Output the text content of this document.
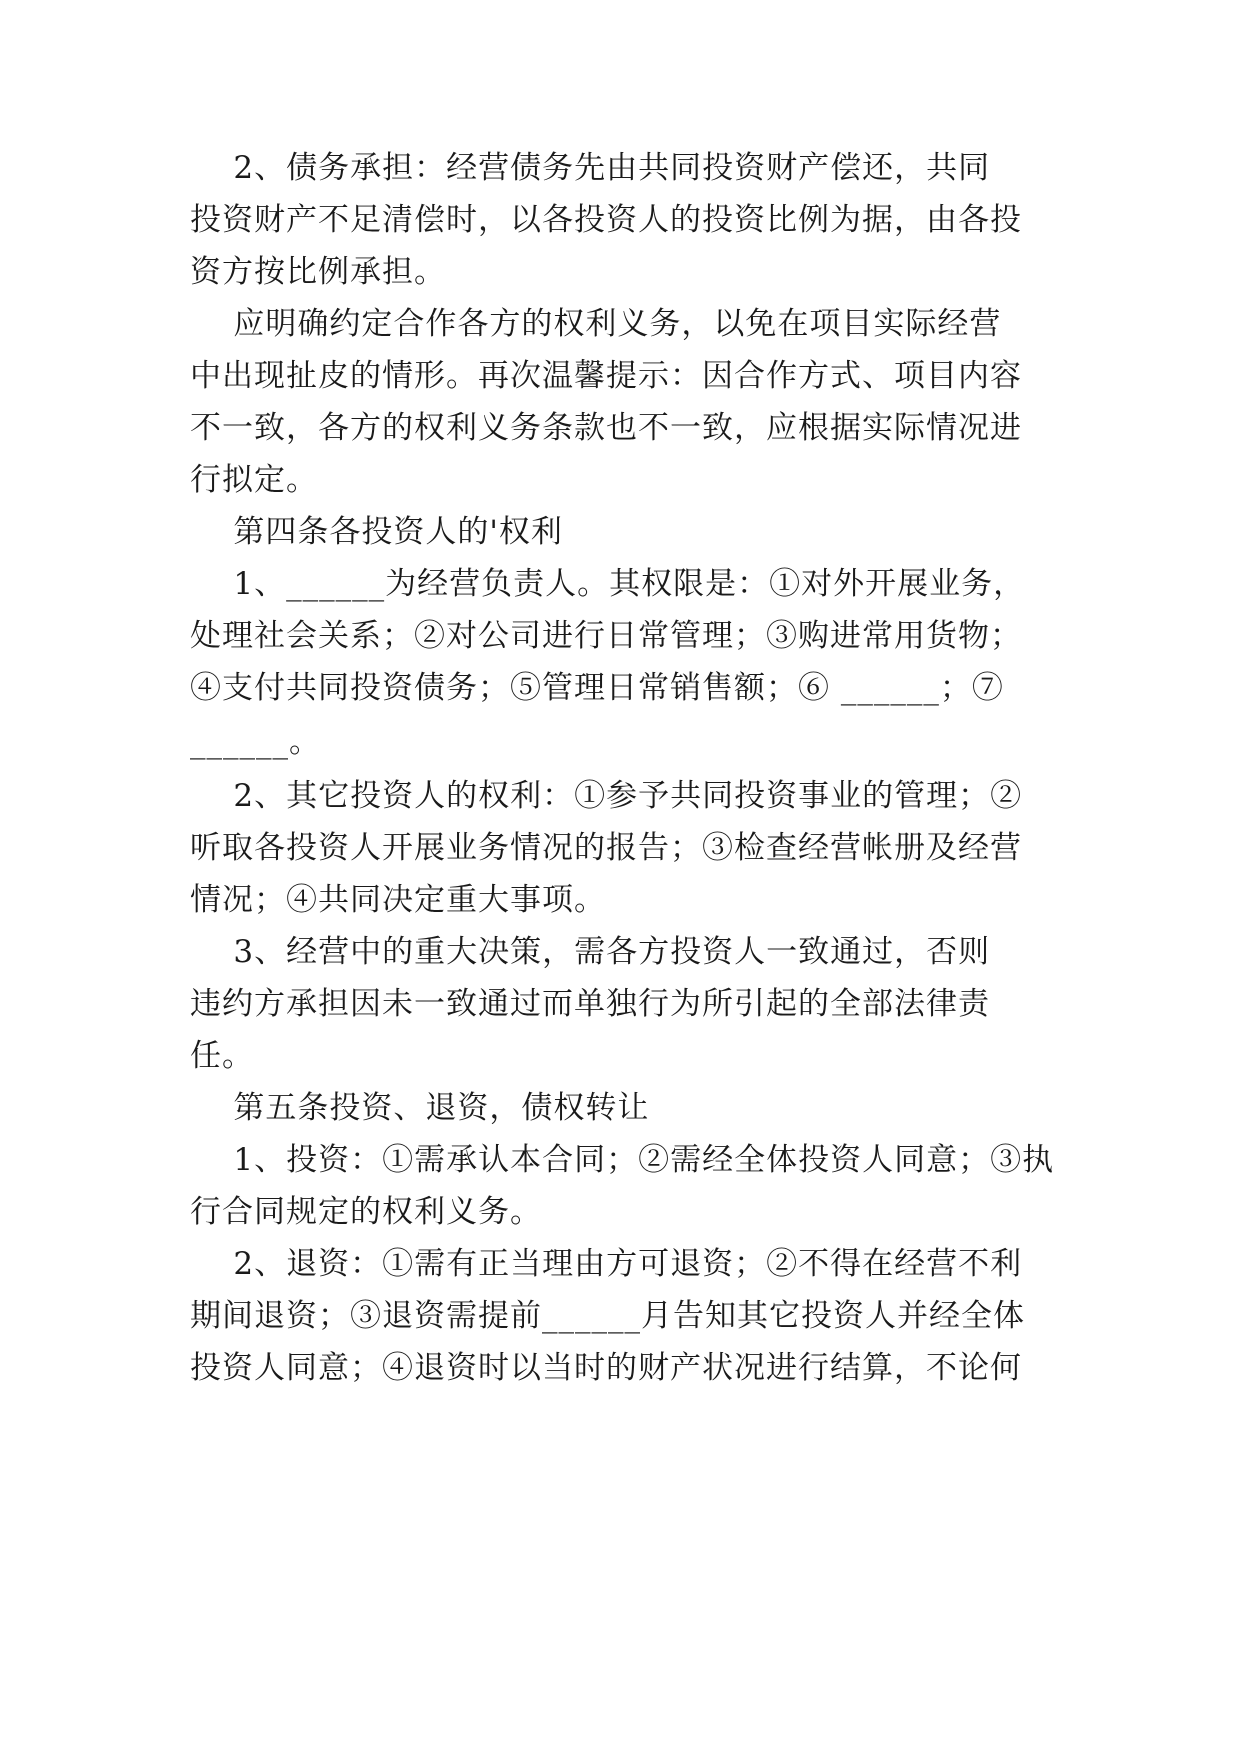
2、债务承担：经营债务先由共同投资财产偿还，共同
投资财产不足清偿时，以各投资人的投资比例为据，由各投
资方按比例承担。
应明确约定合作各方的权利义务，以免在项目实际经营
中出现扯皮的情形。再次温馨提示：因合作方式、项目内容
不一致，各方的权利义务条款也不一致，应根据实际情况进
行拟定。
第四条各投资人的'权利
1、______为经营负责人。其权限是：①对外开展业务，
处理社会关系；②对公司进行日常管理；③购进常用货物；
④支付共同投资债务；⑤管理日常销售额；⑥ ______；⑦
______。
2、其它投资人的权利：①参予共同投资事业的管理；②
听取各投资人开展业务情况的报告；③检查经营帐册及经营
情况；④共同决定重大事项。
3、经营中的重大决策，需各方投资人一致通过，否则
违约方承担因未一致通过而单独行为所引起的全部法律责
任。
第五条投资、退资，债权转让
1、投资：①需承认本合同；②需经全体投资人同意；③执
行合同规定的权利义务。
2、退资：①需有正当理由方可退资；②不得在经营不利
期间退资；③退资需提前______月告知其它投资人并经全体
投资人同意；④退资时以当时的财产状况进行结算，不论何
